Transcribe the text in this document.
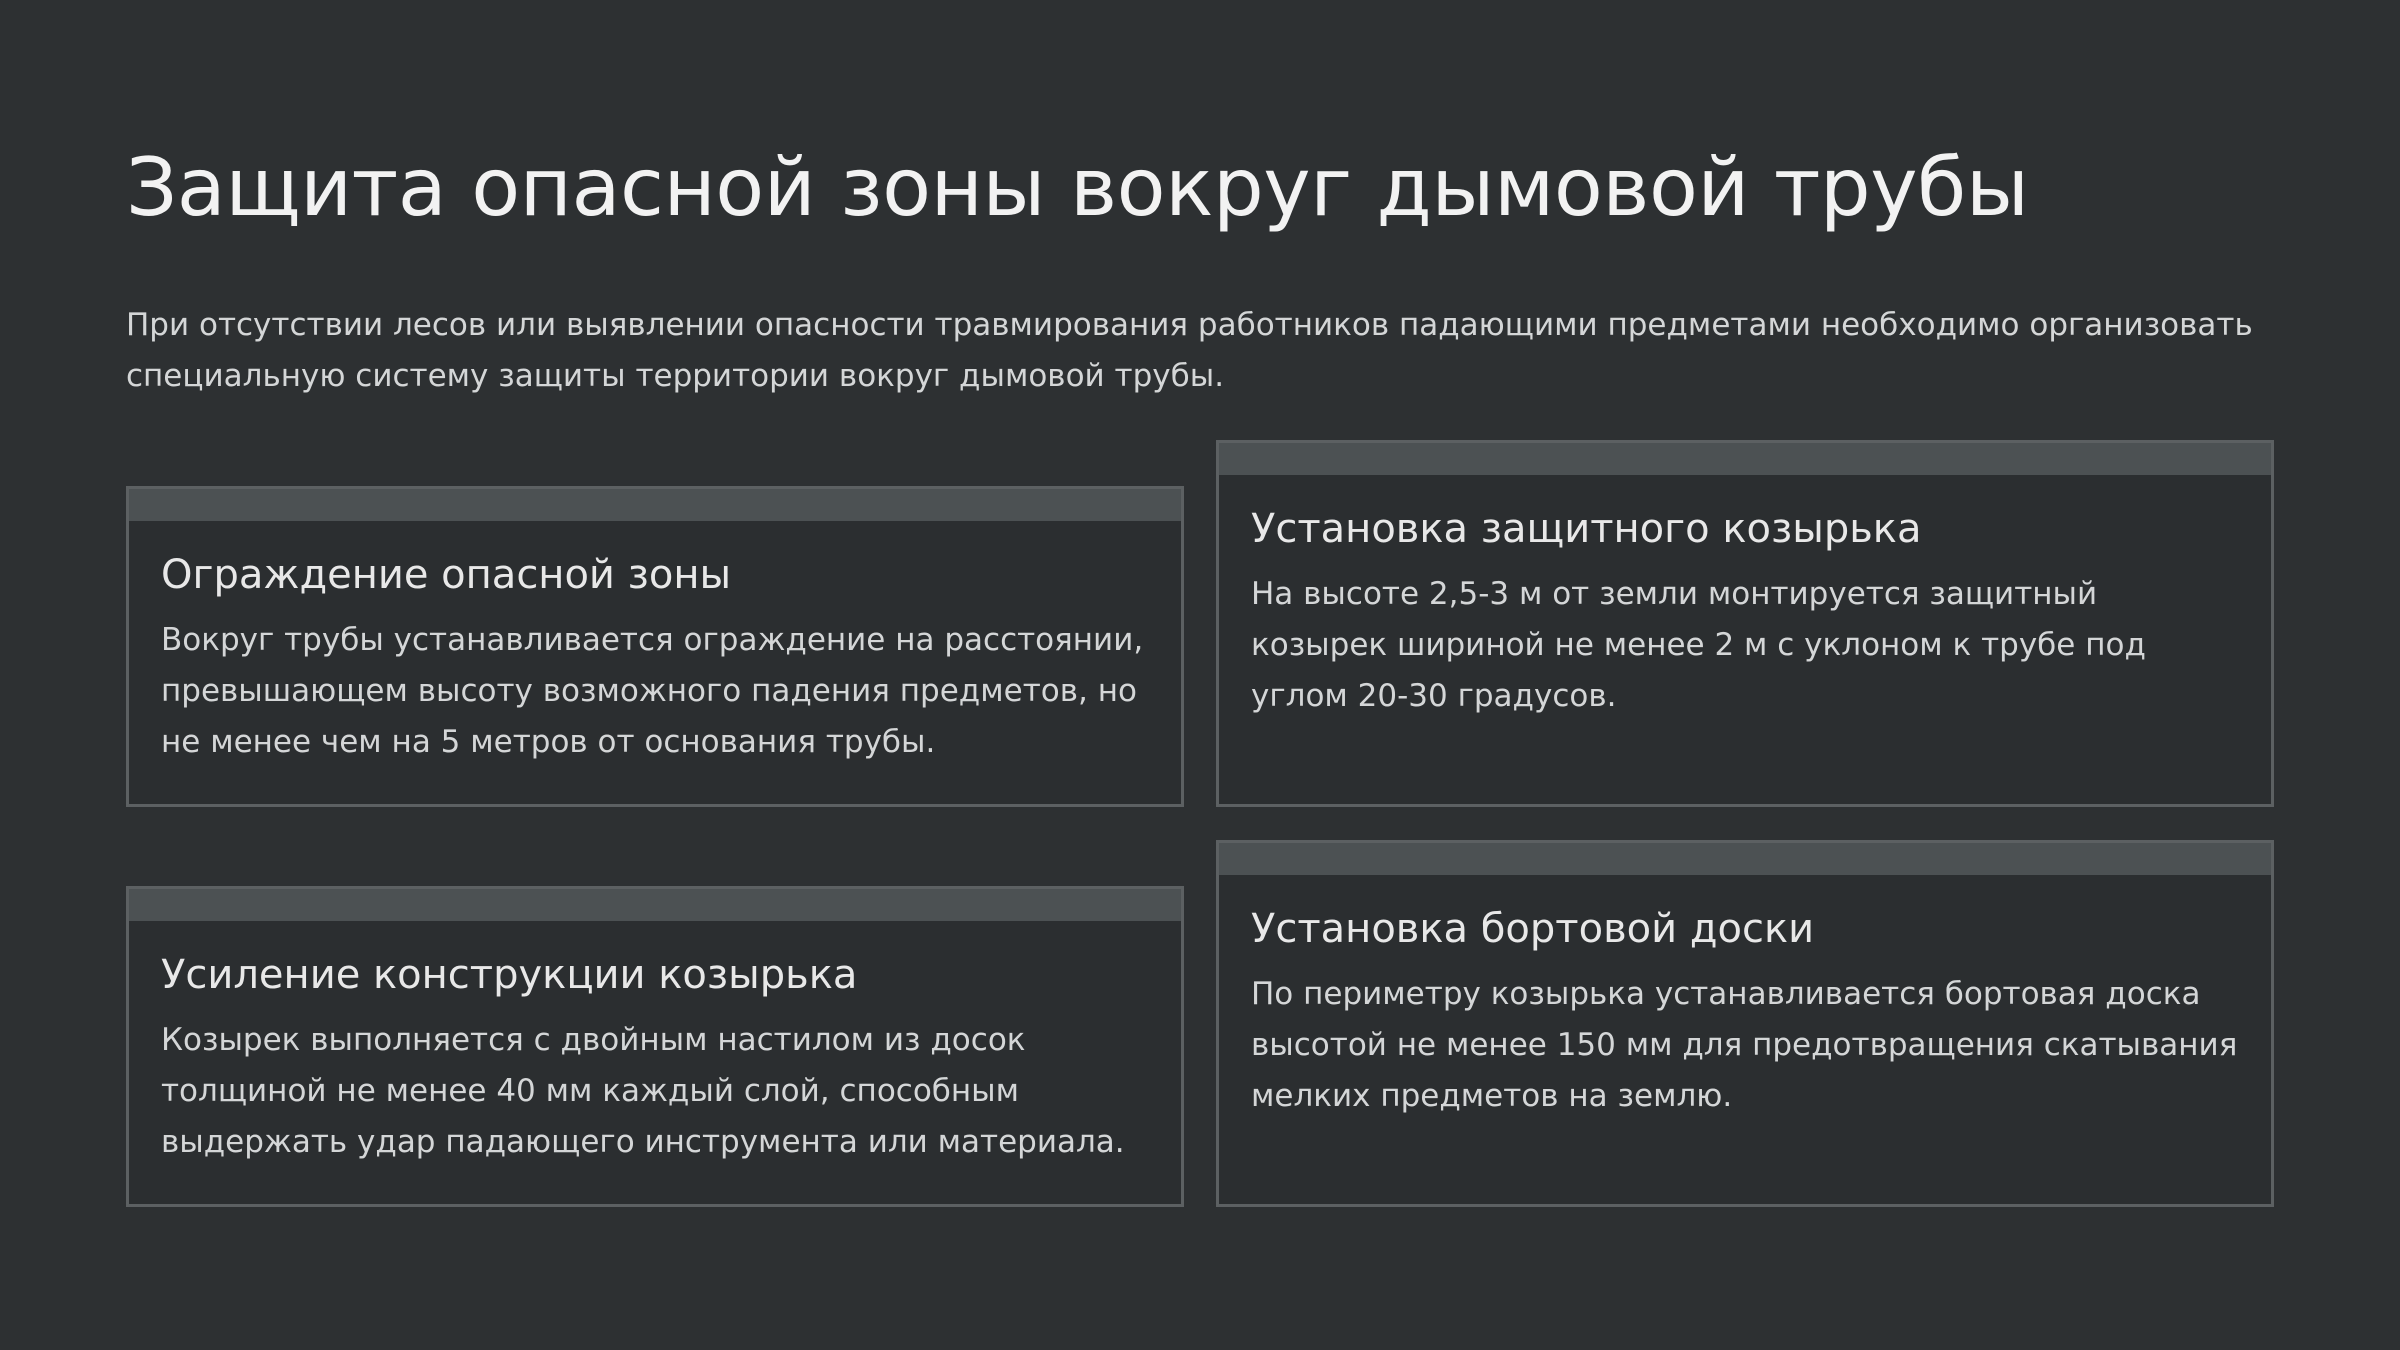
Защита опасной зоны вокруг дымовой трубы

При отсутствии лесов или выявлении опасности травмирования работников падающими предметами необходимо организовать специальную систему защиты территории вокруг дымовой трубы.

Ограждение опасной зоны

Вокруг трубы устанавливается ограждение на расстоянии, превышающем высоту возможного падения предметов, но не менее чем на 5 метров от основания трубы.

Установка защитного козырька

На высоте 2,5-3 м от земли монтируется защитный козырек шириной не менее 2 м с уклоном к трубе под углом 20-30 градусов.

Усиление конструкции козырька

Козырек выполняется с двойным настилом из досок толщиной не менее 40 мм каждый слой, способным выдержать удар падающего инструмента или материала.

Установка бортовой доски

По периметру козырька устанавливается бортовая доска высотой не менее 150 мм для предотвращения скатывания мелких предметов на землю.
